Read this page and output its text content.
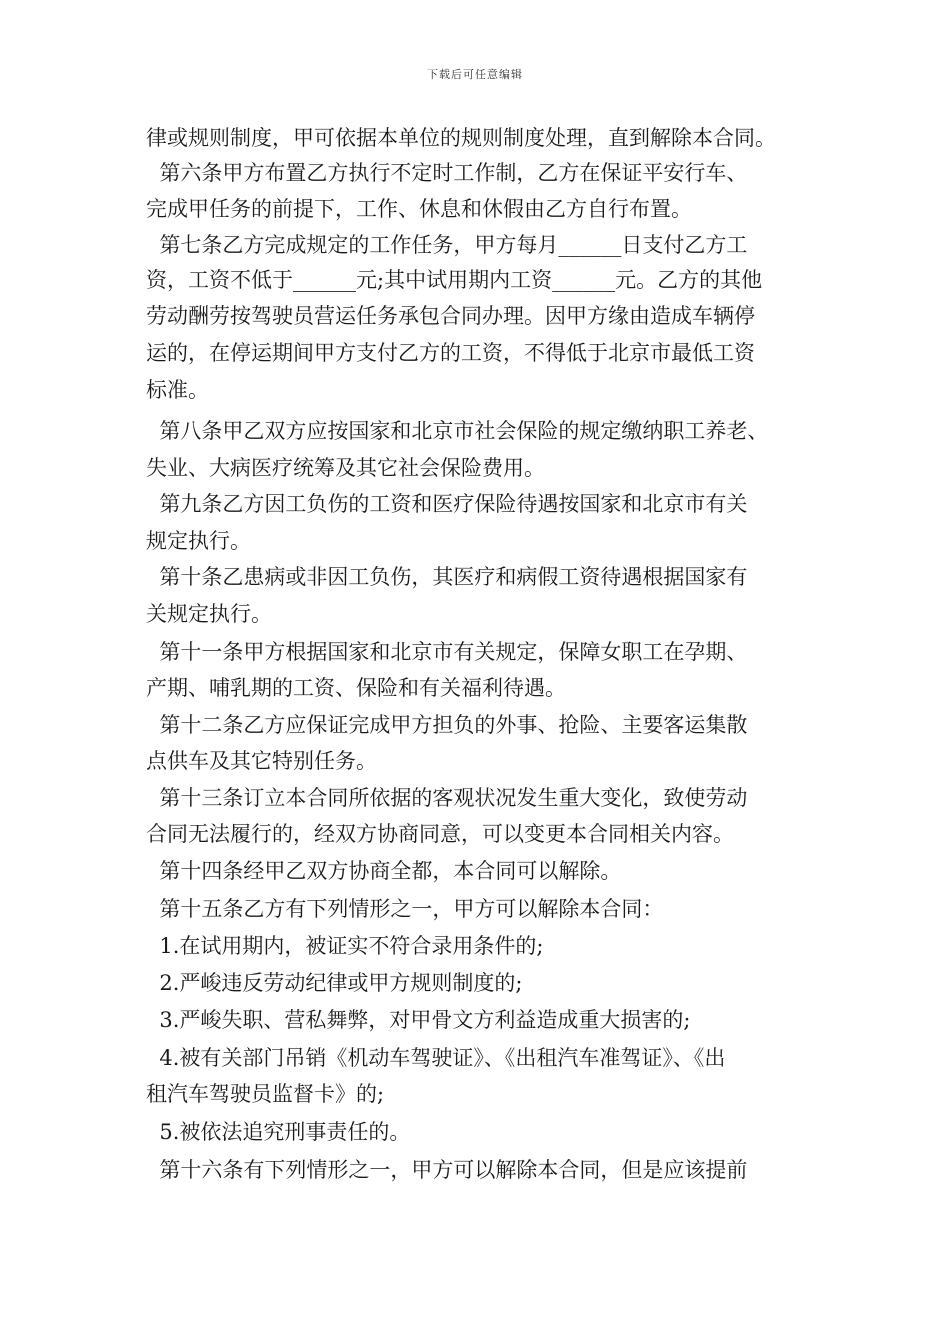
下载后可任意编辑
律或规则制度，甲可依据本单位的规则制度处理，直到解除本合同。
第六条甲方布置乙方执行不定时工作制，乙方在保证平安行车、
完成甲任务的前提下，工作、休息和休假由乙方自行布置。
第七条乙方完成规定的工作任务，甲方每月______日支付乙方工
资，工资不低于______元;其中试用期内工资______元。乙方的其他
劳动酬劳按驾驶员营运任务承包合同办理。因甲方缘由造成车辆停
运的，在停运期间甲方支付乙方的工资，不得低于北京市最低工资
标准。
第八条甲乙双方应按国家和北京市社会保险的规定缴纳职工养老、
失业、大病医疗统筹及其它社会保险费用。
第九条乙方因工负伤的工资和医疗保险待遇按国家和北京市有关
规定执行。
第十条乙患病或非因工负伤，其医疗和病假工资待遇根据国家有
关规定执行。
第十一条甲方根据国家和北京市有关规定，保障女职工在孕期、
产期、哺乳期的工资、保险和有关福利待遇。
第十二条乙方应保证完成甲方担负的外事、抢险、主要客运集散
点供车及其它特别任务。
第十三条订立本合同所依据的客观状况发生重大变化，致使劳动
合同无法履行的，经双方协商同意，可以变更本合同相关内容。
第十四条经甲乙双方协商全都，本合同可以解除。
第十五条乙方有下列情形之一，甲方可以解除本合同：
1.在试用期内，被证实不符合录用条件的;
2.严峻违反劳动纪律或甲方规则制度的;
3.严峻失职、营私舞弊，对甲骨文方利益造成重大损害的;
4.被有关部门吊销《机动车驾驶证》、《出租汽车准驾证》、《出
租汽车驾驶员监督卡》的;
5.被依法追究刑事责任的。
第十六条有下列情形之一，甲方可以解除本合同，但是应该提前
